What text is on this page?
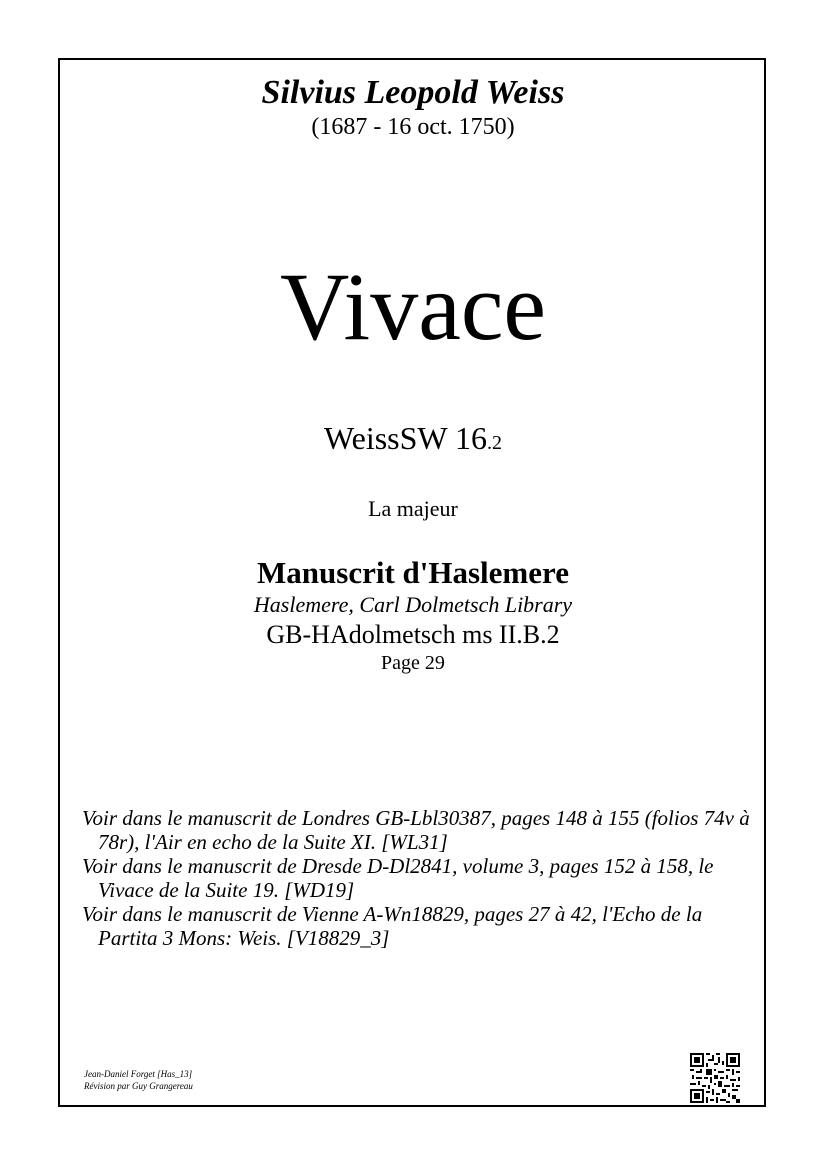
Silvius Leopold Weiss
(1687 - 16 oct. 1750)
Vivace
WeissSW 16.2
La majeur
Manuscrit d'Haslemere
Haslemere, Carl Dolmetsch Library
GB-HAdolmetsch ms II.B.2
Page 29

Voir dans le manuscrit de Londres GB-Lbl30387, pages 148 à 155 (folios 74v à 78r), l'Air en echo de la Suite XI. [WL31]

Voir dans le manuscrit de Dresde D-Dl2841, volume 3, pages 152 à 158, le Vivace de la Suite 19. [WD19]

Voir dans le manuscrit de Vienne A-Wn18829, pages 27 à 42, l'Echo de la Partita 3 Mons: Weis. [V18829_3]

Jean-Daniel Forget [Has_13]
Révision par Guy Grangereau
